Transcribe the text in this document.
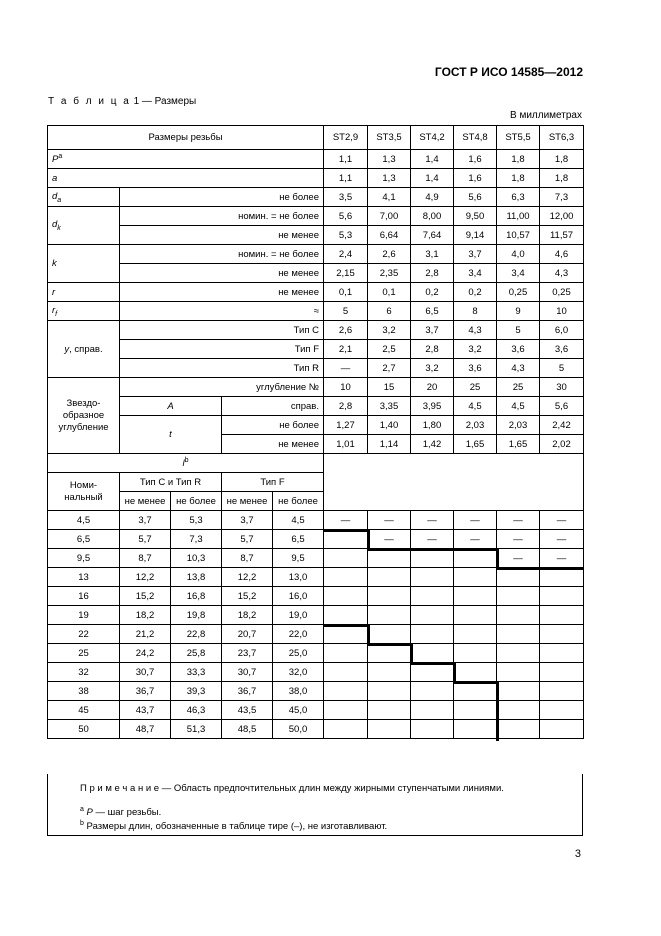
ГОСТ Р ИСО 14585—2012
Т а б л и ц а 1 — Размеры
В миллиметрах
Размеры резьбы					ST2,9	ST3,5	ST4,2	ST4,8	ST5,5	ST6,3
$P^a$					1,1	1,3	1,4	1,6	1,8	1,8
a					1,1	1,3	1,4	1,6	1,8	1,8
$d_a$	не более				3,5	4,1	4,9	5,6	6,3	7,3
$d_k$	номин. = не более				5,6	7,00	8,00	9,50	11,00	12,00
	не менее				5,3	6,64	7,64	9,14	10,57	11,57
k	номин. = не более				2,4	2,6	3,1	3,7	4,0	4,6
	не менее				2,15	2,35	2,8	3,4	3,4	4,3
r	не менее				0,1	0,1	0,2	0,2	0,25	0,25
$r_f$	≈				5	6	6,5	8	9	10
y, справ.	Тип C				2,6	3,2	3,7	4,3	5	6,0
	Тип F				2,1	2,5	2,8	3,2	3,6	3,6
	Тип R				—	2,7	3,2	3,6	4,3	5
Звездо-
образное
углубление	углубление №				10	15	20	25	25	30
	A		справ.		2,8	3,35	3,95	4,5	4,5	5,6
	t		не более		1,27	1,40	1,80	2,03	2,03	2,42
			не менее		1,01	1,14	1,42	1,65	1,65	2,02
$l^b$	
Номи-
нальный	Тип C и Тип R		Тип F							
	не менее	не более	не менее	не более						
4,5	3,7	5,3	3,7	4,5	—	—	—	—	—	—
6,5	5,7	7,3	5,7	6,5		—	—	—	—	—
9,5	8,7	10,3	8,7	9,5					—	—
13	12,2	13,8	12,2	13,0						
16	15,2	16,8	15,2	16,0						
19	18,2	19,8	18,2	19,0						
22	21,2	22,8	20,7	22,0						
25	24,2	25,8	23,7	25,0						
32	30,7	33,3	30,7	32,0						
38	36,7	39,3	36,7	38,0						
45	43,7	46,3	43,5	45,0						
50	48,7	51,3	48,5	50,0						
П р и м е ч а н и е — Область предпочтительных длин между жирными ступенчатыми линиями.
$^a$ P — шаг резьбы.
$^b$ Размеры длин, обозначенные в таблице тире (–), не изготавливают.
3
